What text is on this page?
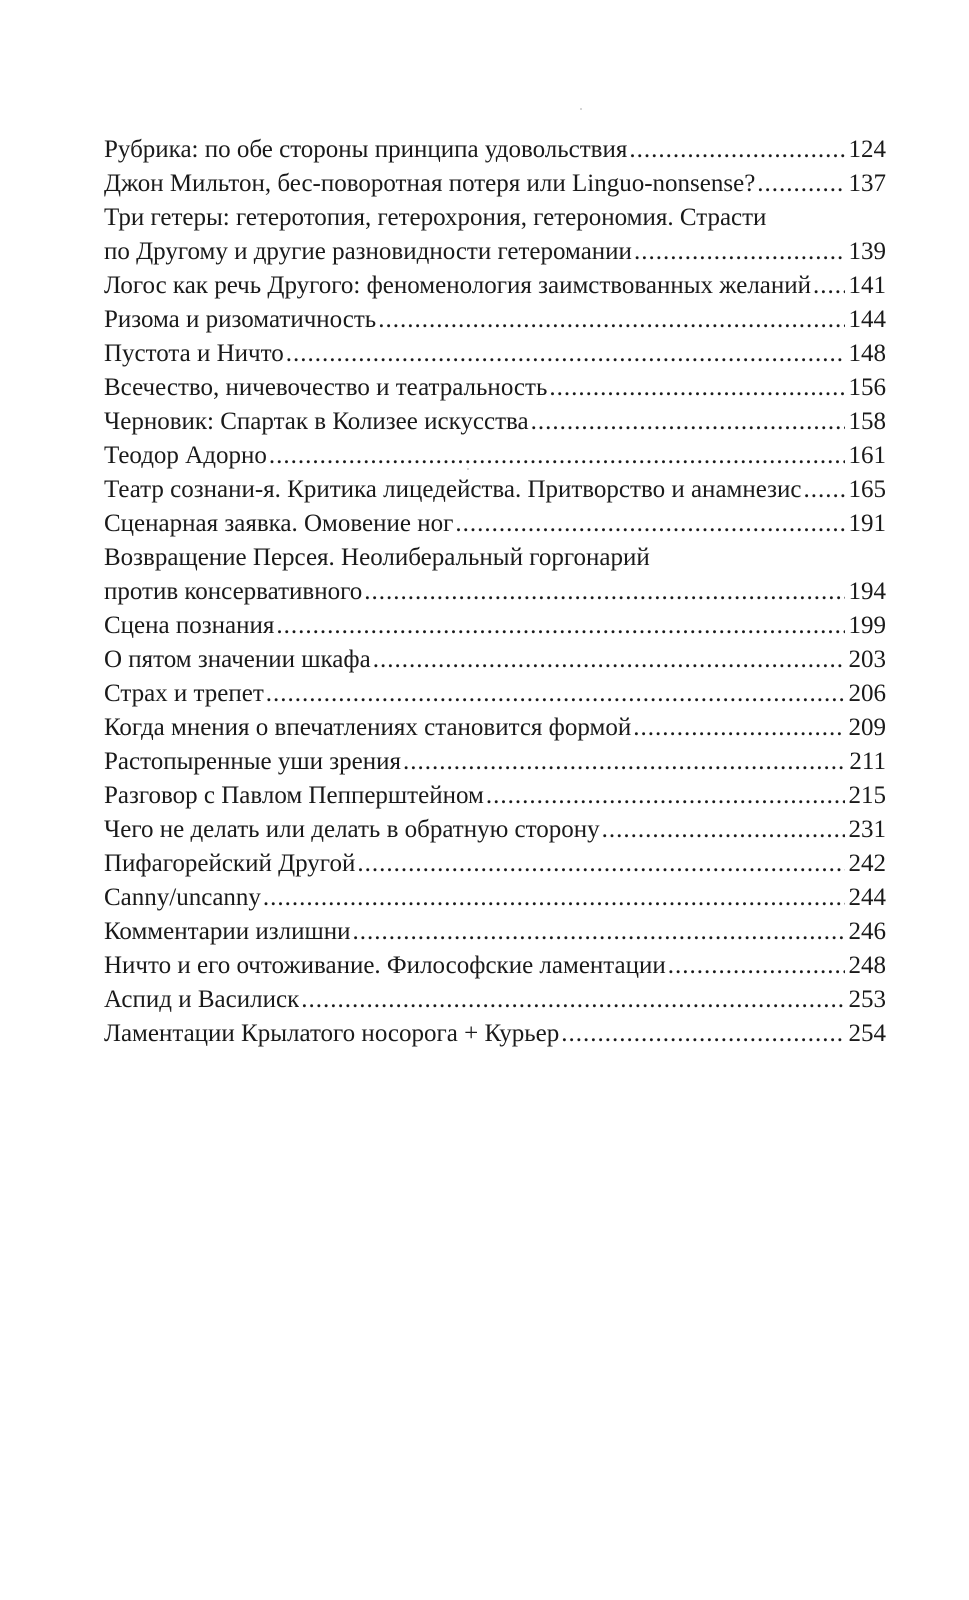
Рубрика: по обе стороны принципа удовольствия .....	124
Джон Мильтон, бес-поворотная потеря или Linguo-nonsense? .....	137
Три гетеры: гетеротопия, гетерохрония, гетерономия. Страсти
по Другому и другие разновидности гетеромании .....	139
Логос как речь Другого: феноменология заимствованных желаний ..... 141
Ризома и ризоматичность .....	144
Пустота и Ничто .....	148
Всечество, ничевочество и театральность .....	156
Черновик: Спартак в Колизее искусства .....	158
Теодор Адорно .....	161
Театр сознани-я. Критика лицедейства. Притворство и анамнезис ..... 165
Сценарная заявка. Омовение ног .....	191
Возвращение Персея. Неолиберальный горгонарий
против консервативного .....	194
Сцена познания .....	199
О пятом значении шкафа .....	203
Страх и трепет .....	206
Когда мнения о впечатлениях становится формой .....	209
Растопыренные уши зрения .....	211
Разговор с Павлом Пепперштейном .....	215
Чего не делать или делать в обратную сторону .....	231
Пифагорейский Другой .....	242
Canny/uncanny .....	244
Комментарии излишни .....	246
Ничто и его очтоживание. Философские ламентации .....	248
Аспид и Василиск .....	253
Ламентации Крылатого носорога + Курьер .....	254
